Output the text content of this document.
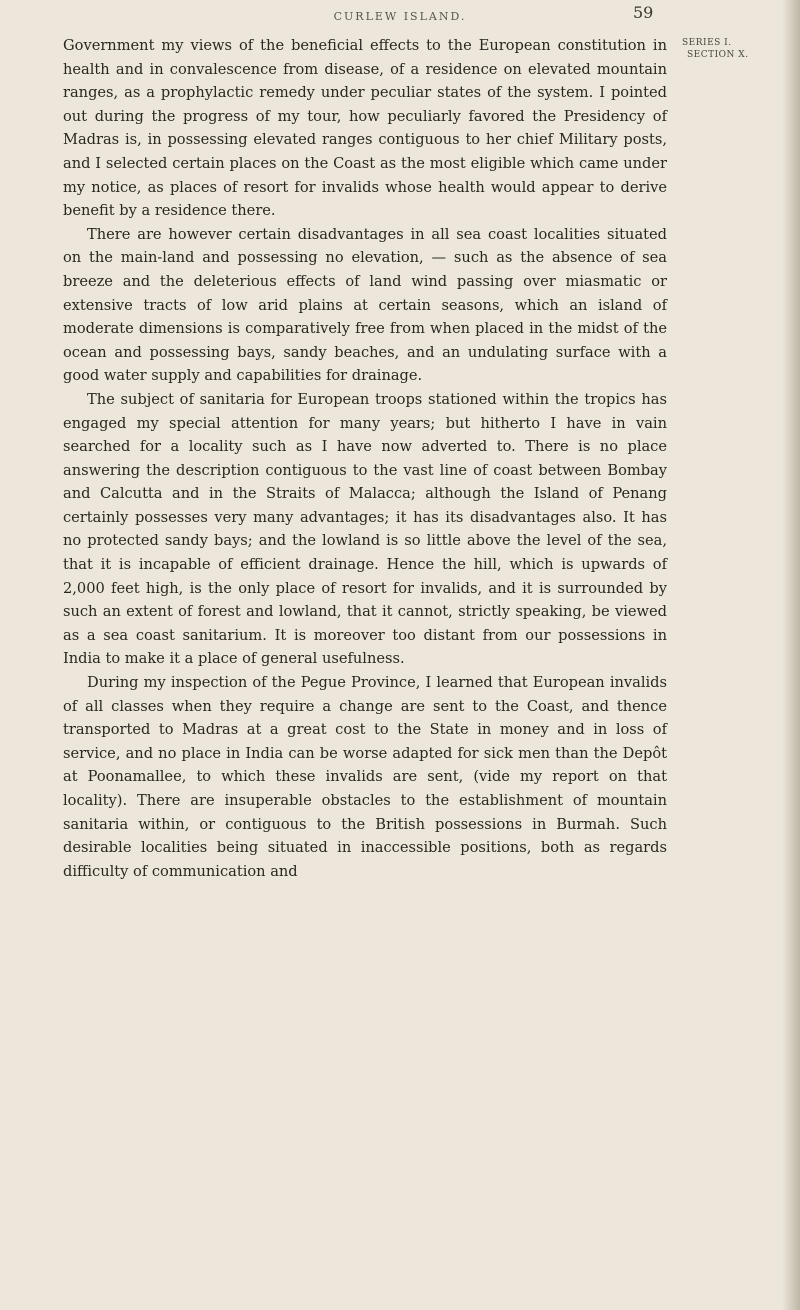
CURLEW ISLAND.	59
SERIES I.
SECTION X.

Government my views of the beneficial effects to the European constitution in health and in convalescence from disease, of a residence on elevated mountain ranges, as a prophylactic remedy under peculiar states of the system. I pointed out during the progress of my tour, how peculiarly favored the Presidency of Madras is, in possessing elevated ranges contiguous to her chief Military posts, and I selected certain places on the Coast as the most eligible which came under my notice, as places of resort for invalids whose health would appear to derive benefit by a residence there.

There are however certain disadvantages in all sea coast localities situated on the main-land and possessing no elevation, — such as the absence of sea breeze and the deleterious effects of land wind passing over miasmatic or extensive tracts of low arid plains at certain seasons, which an island of moderate dimensions is comparatively free from when placed in the midst of the ocean and possessing bays, sandy beaches, and an undulating surface with a good water supply and capabilities for drainage.

The subject of sanitaria for European troops stationed within the tropics has engaged my special attention for many years; but hitherto I have in vain searched for a locality such as I have now adverted to. There is no place answering the description contiguous to the vast line of coast between Bombay and Calcutta and in the Straits of Malacca; although the Island of Penang certainly possesses very many advantages; it has its disadvantages also. It has no protected sandy bays; and the lowland is so little above the level of the sea, that it is incapable of efficient drainage. Hence the hill, which is upwards of 2,000 feet high, is the only place of resort for invalids, and it is surrounded by such an extent of forest and lowland, that it cannot, strictly speaking, be viewed as a sea coast sanitarium. It is moreover too distant from our possessions in India to make it a place of general usefulness.

During my inspection of the Pegue Province, I learned that European invalids of all classes when they require a change are sent to the Coast, and thence transported to Madras at a great cost to the State in money and in loss of service, and no place in India can be worse adapted for sick men than the Depôt at Poonamallee, to which these invalids are sent, (vide my report on that locality). There are insuperable obstacles to the establishment of mountain sanitaria within, or contiguous to the British possessions in Burmah. Such desirable localities being situated in inaccessible positions, both as regards difficulty of communication and
